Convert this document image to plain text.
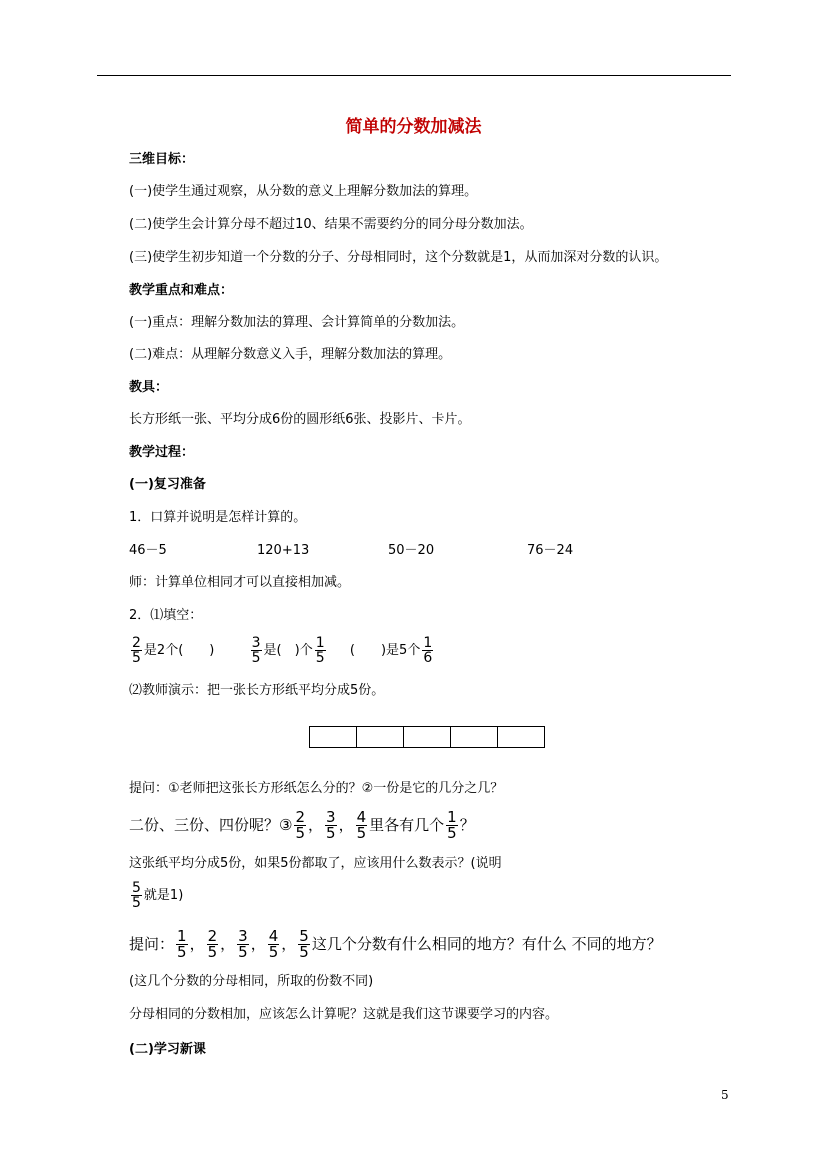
简单的分数加减法
三维目标：
(一)使学生通过观察，从分数的意义上理解分数加法的算理。
(二)使学生会计算分母不超过10、结果不需要约分的同分母分数加法。
(三)使学生初步知道一个分数的分子、分母相同时，这个分数就是1，从而加深对分数的认识。
教学重点和难点：
(一)重点：理解分数加法的算理、会计算简单的分数加法。
(二)难点：从理解分数意义入手，理解分数加法的算理。
教具：
长方形纸一张、平均分成6份的圆形纸6张、投影片、卡片。
教学过程：
(一)复习准备
1．口算并说明是怎样计算的。
46－5	120+13	50－20	76－24
师：计算单位相同才可以直接相加减。
2．⑴填空：
$\frac{2}{5}$ 是2个(　　)	$\frac{3}{5}$ 是(　)个 $\frac{1}{5}$ (　　)是5个 $\frac{1}{6}$
⑵教师演示：把一张长方形纸平均分成5份。
提问：①老师把这张长方形纸怎么分的？②一份是它的几分之几？
二份、三份、四份呢？③ $\frac{2}{5}$ ， $\frac{3}{5}$ ， $\frac{4}{5}$ 里各有几个 $\frac{1}{5}$ ？
这张纸平均分成5份，如果5份都取了，应该用什么数表示？(说明
$\frac{5}{5}$ 就是1)
提问： $\frac{1}{5}$ ， $\frac{2}{5}$ ， $\frac{3}{5}$ ， $\frac{4}{5}$ ， $\frac{5}{5}$ 这几个分数有什么相同的地方？有什么 不同的地方？
(这几个分数的分母相同，所取的份数不同)
分母相同的分数相加，应该怎么计算呢？这就是我们这节课要学习的内容。
(二)学习新课
5
